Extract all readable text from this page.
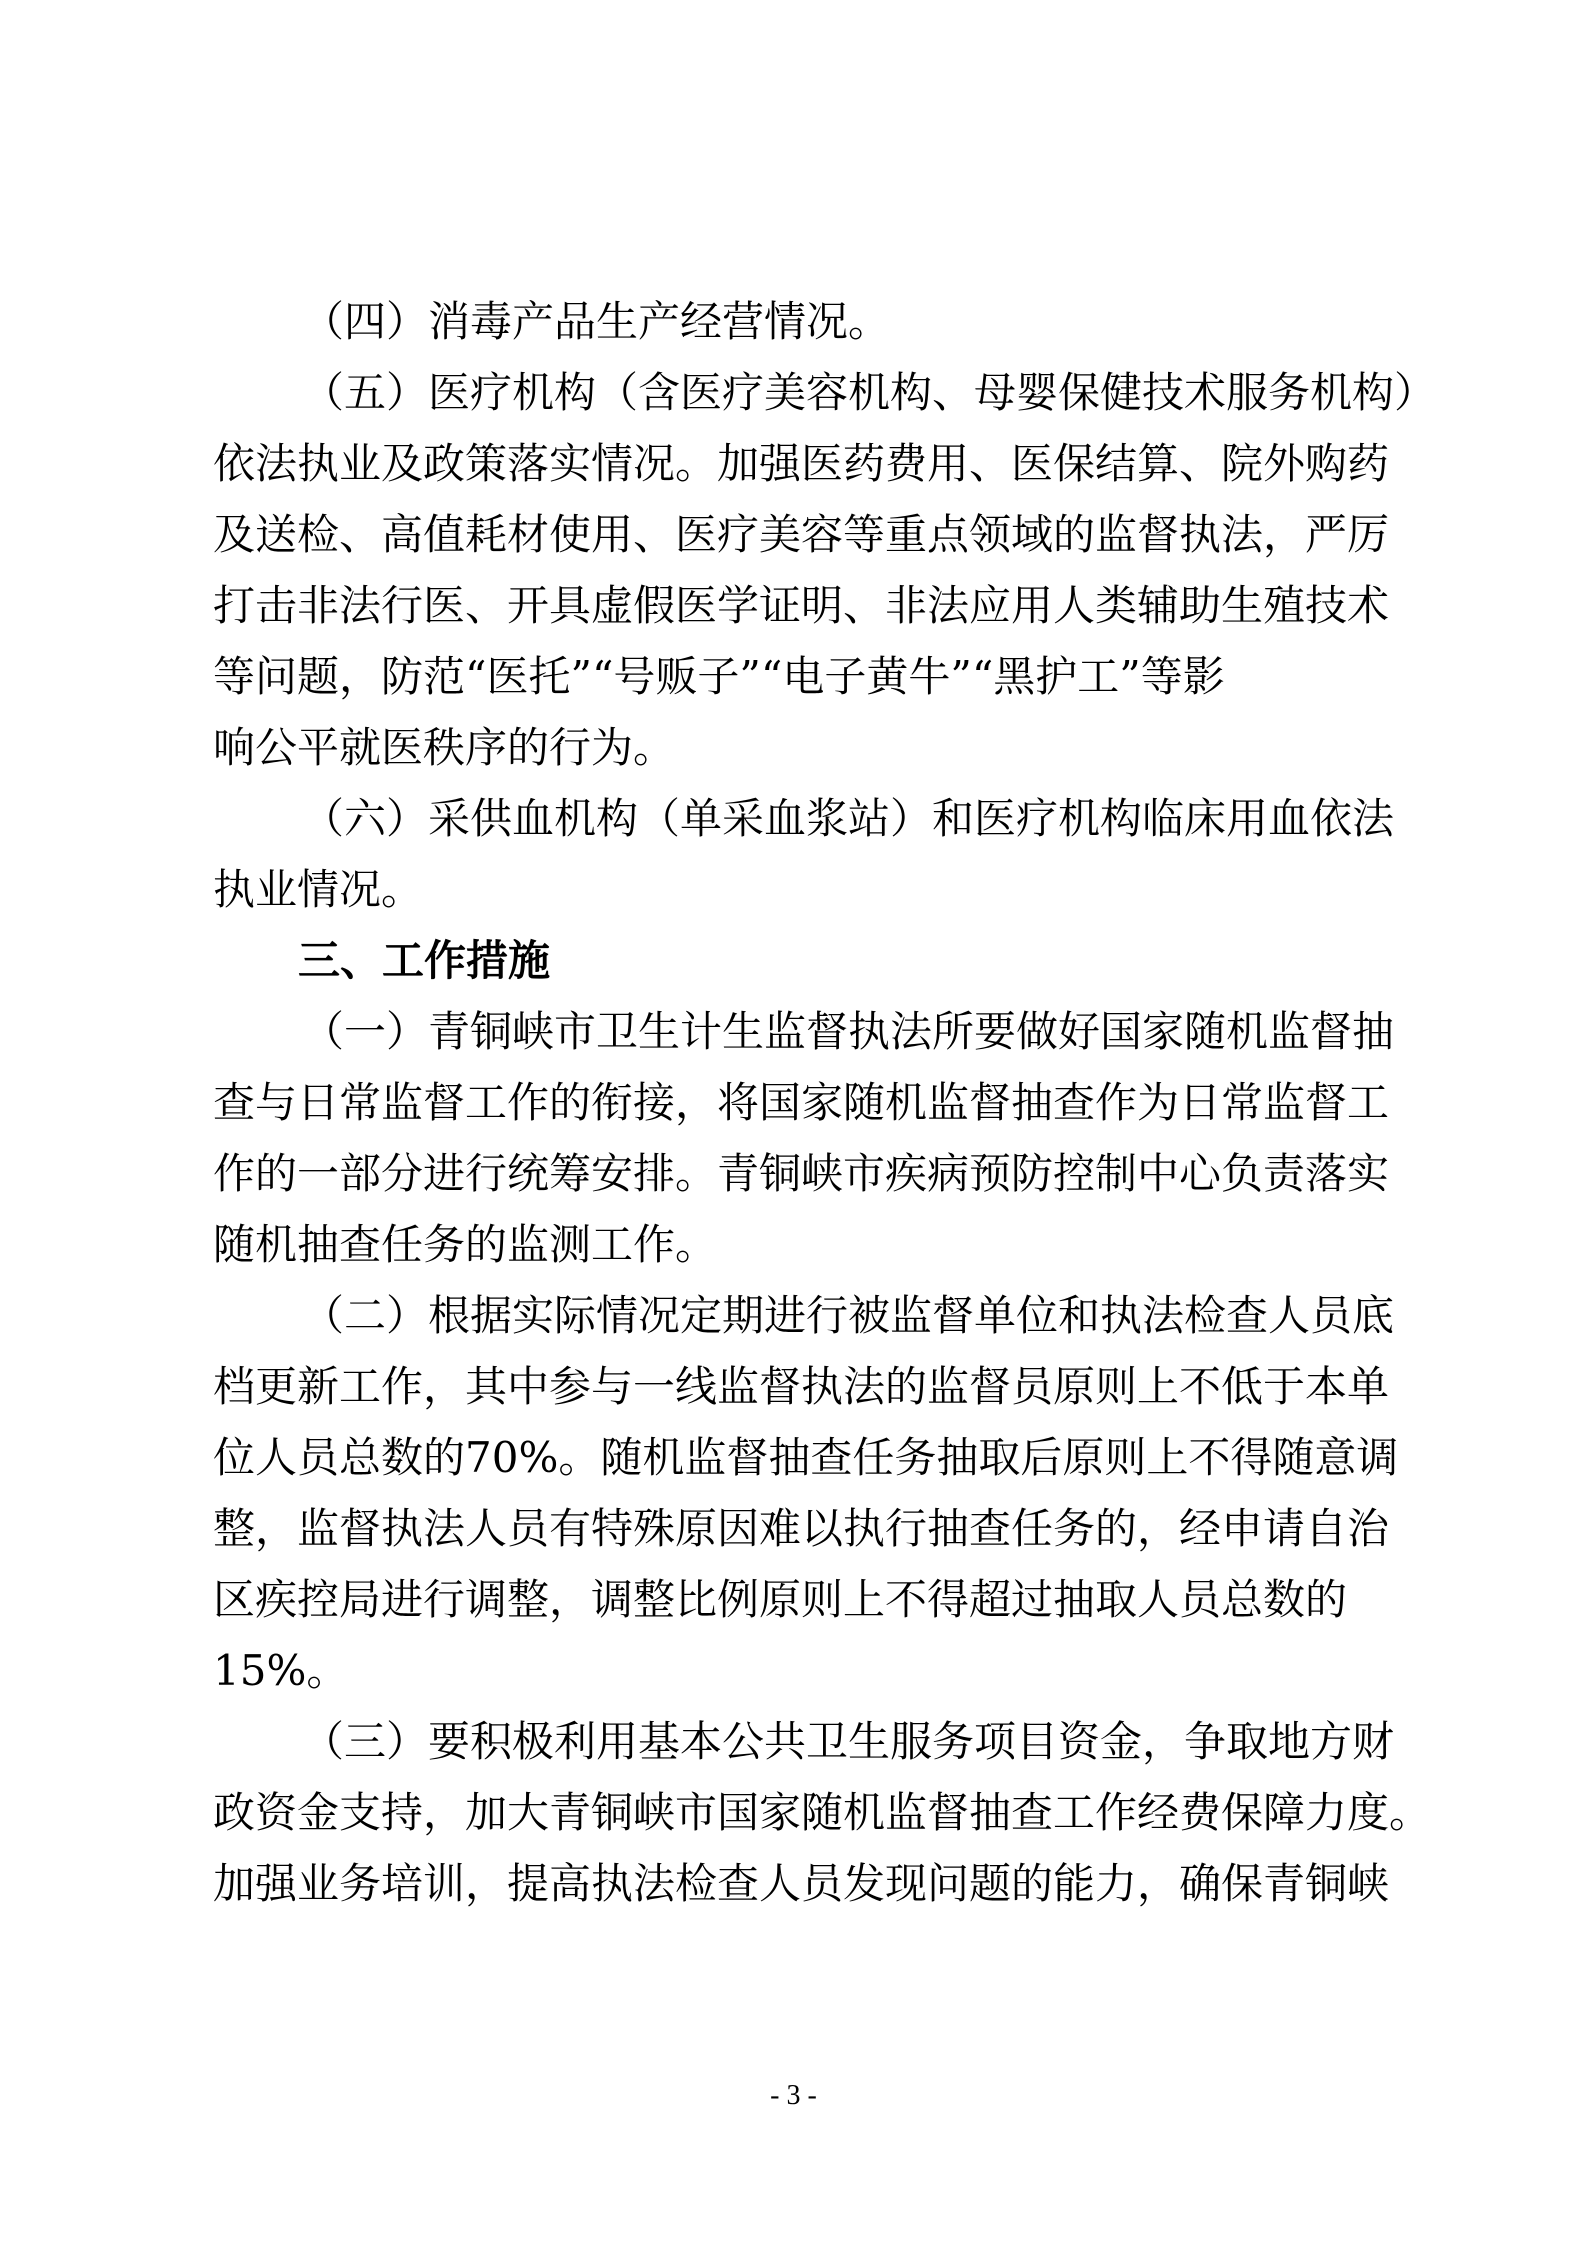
（四）消毒产品生产经营情况。
（五）医疗机构（含医疗美容机构、母婴保健技术服务机构）
依法执业及政策落实情况。加强医药费用、医保结算、院外购药
及送检、高值耗材使用、医疗美容等重点领域的监督执法，严厉
打击非法行医、开具虚假医学证明、非法应用人类辅助生殖技术
等问题，防范“医托”“号贩子”“电子黄牛”“黑护工”等影
响公平就医秩序的行为。
（六）采供血机构（单采血浆站）和医疗机构临床用血依法
执业情况。
三、工作措施
（一）青铜峡市卫生计生监督执法所要做好国家随机监督抽
查与日常监督工作的衔接，将国家随机监督抽查作为日常监督工
作的一部分进行统筹安排。青铜峡市疾病预防控制中心负责落实
随机抽查任务的监测工作。
（二）根据实际情况定期进行被监督单位和执法检查人员底
档更新工作，其中参与一线监督执法的监督员原则上不低于本单
位人员总数的70%。随机监督抽查任务抽取后原则上不得随意调
整，监督执法人员有特殊原因难以执行抽查任务的，经申请自治
区疾控局进行调整，调整比例原则上不得超过抽取人员总数的
15%。
（三）要积极利用基本公共卫生服务项目资金，争取地方财
政资金支持，加大青铜峡市国家随机监督抽查工作经费保障力度。
加强业务培训，提高执法检查人员发现问题的能力，确保青铜峡
- 3 -
